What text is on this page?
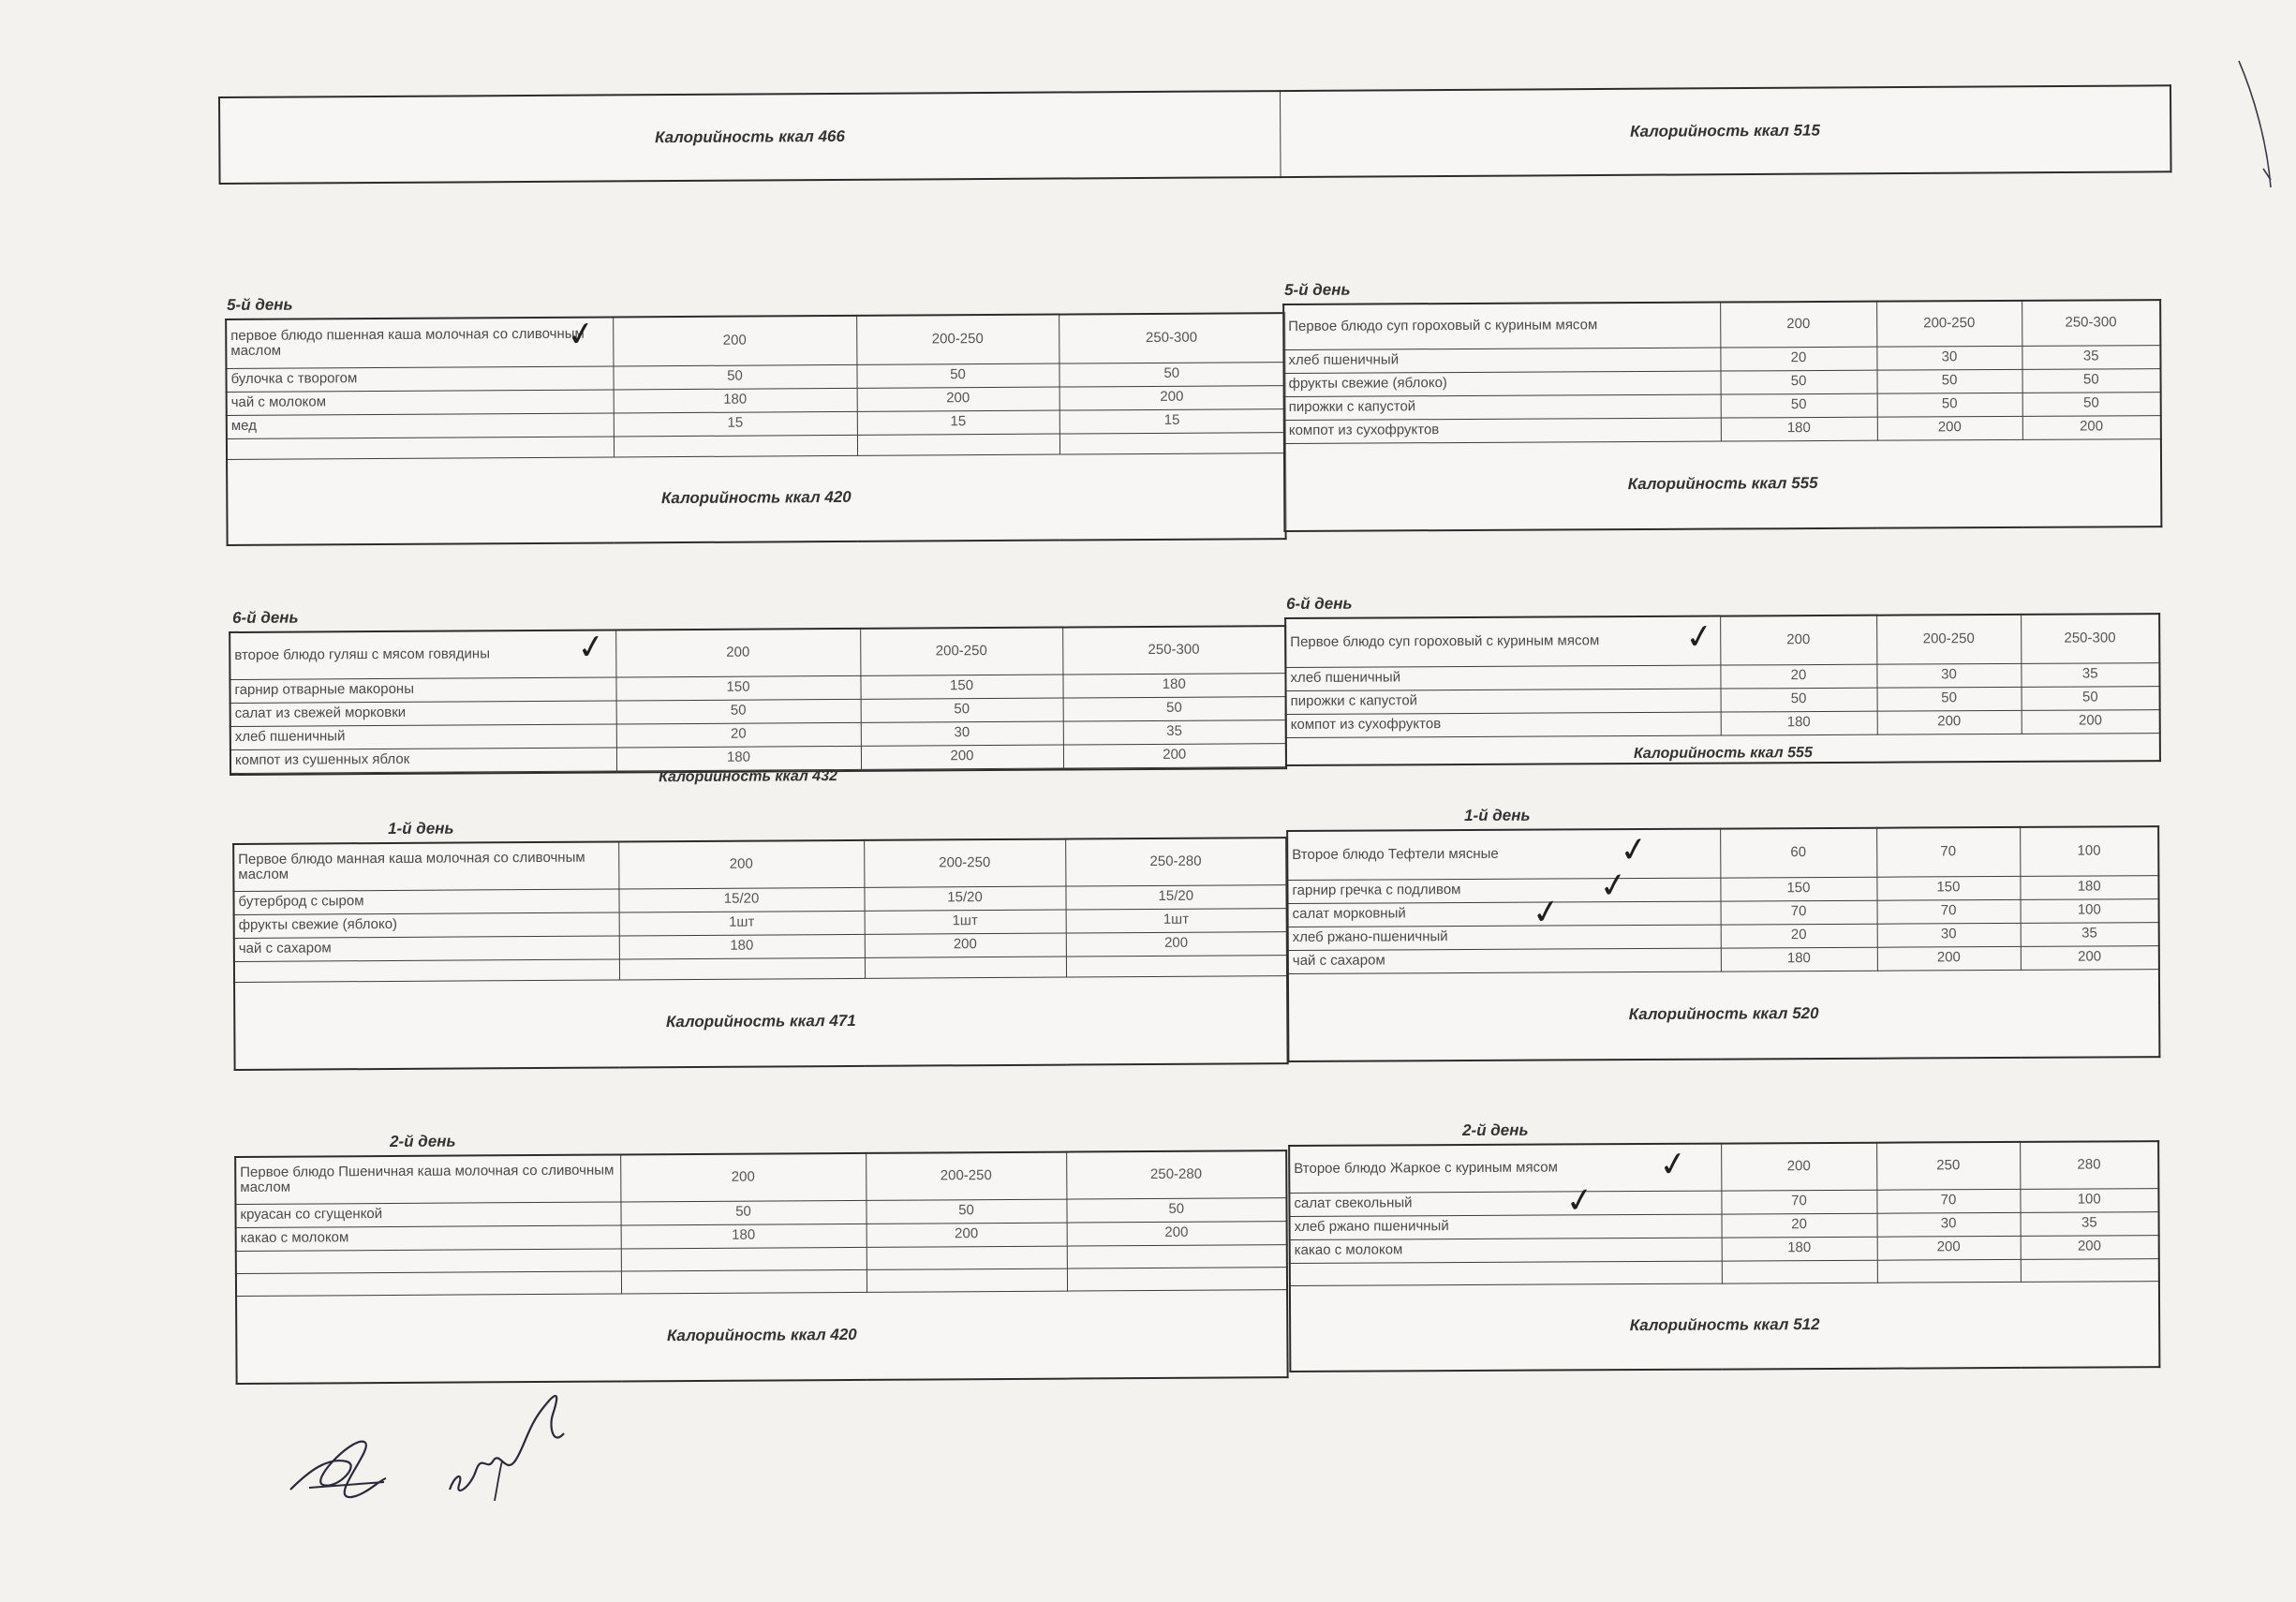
Калорийность ккал 466	Калорийность ккал 515
5-й день
первое блюдо пшенная каша молочная со сливочным маслом	200	200-250	250-300
булочка с творогом	50	50	50
чай с молоком	180	200	200
мед	15	15	15

Калорийность ккал 420			
✓
5-й день
Первое блюдо суп гороховый с куриным мясом	200	200-250	250-300
хлеб пшеничный	20	30	35
фрукты свежие (яблоко)	50	50	50
пирожки с капустой	50	50	50
компот из сухофруктов	180	200	200
Калорийность ккал 555			
6-й день
второе блюдо гуляш с мясом говядины	200	200-250	250-300
гарнир отварные макороны	150	150	180
салат из свежей морковки	50	50	50
хлеб пшеничный	20	30	35
компот из сушенных яблок	180	200	200

Калорийность ккал 432
✓
6-й день
Первое блюдо суп гороховый с куриным мясом	200	200-250	250-300
хлеб пшеничный	20	30	35
пирожки с капустой	50	50	50
компот из сухофруктов	180	200	200
Калорийность ккал 555			
✓
1-й день
Первое блюдо манная каша молочная со сливочным маслом	200	200-250	250-280
бутерброд с сыром	15/20	15/20	15/20
фрукты свежие (яблоко)	1шт	1шт	1шт
чай с сахаром	180	200	200

Калорийность ккал 471			
1-й день
Второе блюдо Тефтели мясные	60	70	100
гарнир гречка с подливом	150	150	180
салат морковный	70	70	100
хлеб ржано-пшеничный	20	30	35
чай с сахаром	180	200	200
Калорийность ккал 520			
✓
✓
✓
2-й день
Первое блюдо Пшеничная каша молочная со сливочным маслом	200	200-250	250-280
круасан со сгущенкой	50	50	50
какао с молоком	180	200	200

Калорийность ккал 420			
2-й день
Второе блюдо Жаркое с куриным мясом	200	250	280
салат свекольный	70	70	100
хлеб ржано пшеничный	20	30	35
какао с молоком	180	200	200

Калорийность ккал 512			
✓
✓
